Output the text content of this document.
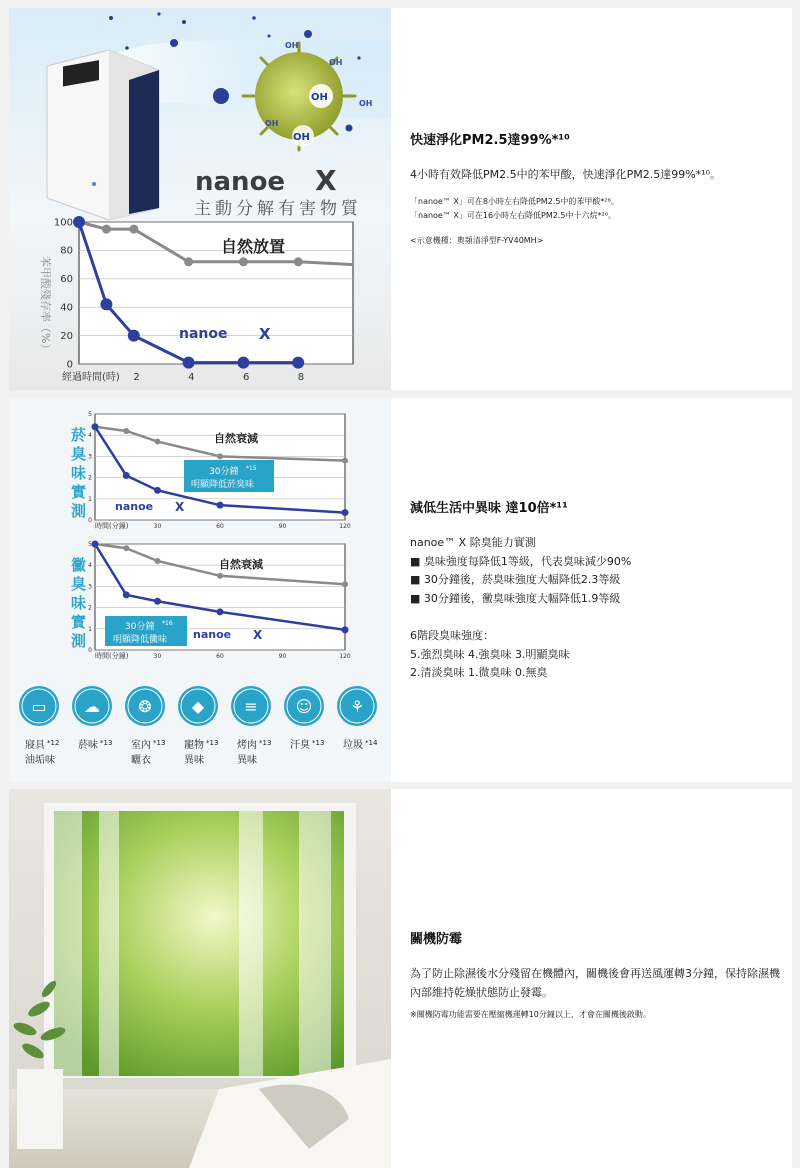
OH
OH
OH
OH
OH
OH
nanoe X
主動分解有害物質
0
20
40
60
80
100
2	4	6	8
經過時間(時)
自然放置
nanoe X
苯甲酸殘存率（%）
快速淨化PM2.5達99%*¹⁰

4小時有效降低PM2.5中的苯甲酸，快速淨化PM2.5達99%*¹⁰。

「nanoe™ X」可在8小時左右降低PM2.5中的苯甲酸*²⁶。

「nanoe™ X」可在16小時左右降低PM2.5中十六烷*²⁶。

<示意機種：奧頻清淨型F-YV40MH>

菸
臭
味
實
測
黴
臭
味
實
測
0
1
2
3
4
5
30	60	90	120
時間(分鐘)
自然衰減
30分鐘 *15
明顯降低菸臭味
nanoe X
0
1
2
3
4
5
30	60	90	120
時間(分鐘)
自然衰減
30分鐘 *16
明顯降低黴味 nanoe X
▭
寢具 *12
油垢味
☁
菸味 *13
❂
室內 *13
曬衣
◆
寵物 *13
異味
≡
烤肉 *13
異味
☺
汗臭 *13
⚘
垃圾 *14
減低生活中異味 達10倍*¹¹

nanoe™ X 除臭能力實測

■ 臭味強度每降低1等級，代表臭味減少90%

■ 30分鐘後，菸臭味強度大幅降低2.3等級

■ 30分鐘後，黴臭味強度大幅降低1.9等級

6階段臭味強度：

5.強烈臭味 4.強臭味 3.明顯臭味

2.清淡臭味 1.微臭味 0.無臭

關機防霉

為了防止除濕後水分殘留在機體內，關機後會再送風運轉3分鐘，保持除濕機內部維持乾燥狀態防止發霉。

※關機防霉功能需要在壓縮機運轉10分鐘以上，才會在關機後啟動。
